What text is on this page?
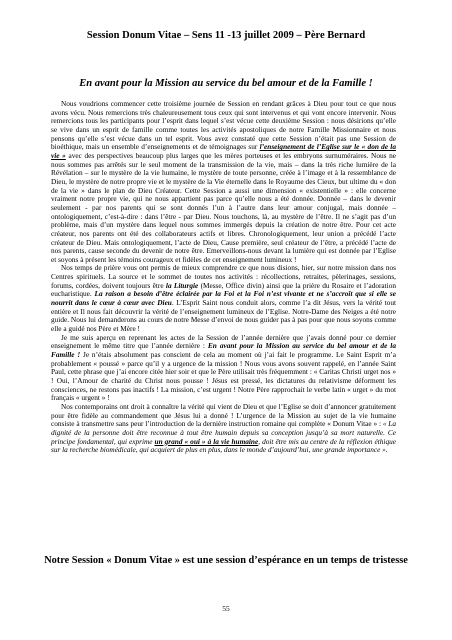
Session Donum Vitae – Sens 11 -13 juillet 2009 – Père Bernard
En avant pour la Mission au service du bel amour et de la Famille !

Nous voudrions commencer cette troisième journée de Session en rendant grâces à Dieu pour tout ce que nous avons vécu. Nous remercions très chaleureusement tous ceux qui sont intervenus et qui vont encore intervenir. Nous remercions tous les participants pour l’esprit dans lequel s’est vécue cette deuxième Session : nous désirions qu’elle se vive dans un esprit de famille comme toutes les activités apostoliques de notre Famille Missionnaire et nous pensons qu’elle s’est vécue dans un tel esprit. Vous avez constaté que cette Session n’était pas une Session de bioéthique, mais un ensemble d’enseignements et de témoignages sur l’enseignement de l’Eglise sur le « don de la vie » avec des perspectives beaucoup plus larges que les mères porteuses et les embryons surnuméraires. Nous ne nous sommes pas arrêtés sur le seul moment de la transmission de la vie, mais – dans la très riche lumière de la Révélation – sur le mystère de la vie humaine, le mystère de toute personne, créée à l’image et à la ressemblance de Dieu, le mystère de notre propre vie et le mystère de la Vie éternelle dans le Royaume des Cieux, but ultime du « don de la vie » dans le plan de Dieu Créateur. Cette Session a aussi une dimension « existentielle » : elle concerne vraiment notre propre vie, qui ne nous appartient pas parce qu’elle nous a été donnée. Donnée – dans le devenir seulement - par nos parents qui se sont donnés l’un à l’autre dans leur amour conjugal, mais donnée – ontologiquement, c’est-à-dire : dans l’être - par Dieu. Nous touchons, là, au mystère de l’être. Il ne s’agit pas d’un problème, mais d’un mystère dans lequel nous sommes immergés depuis la création de notre être. Pour cet acte créateur, nos parents ont été des collaborateurs actifs et libres. Chronologiquement, leur union a précédé l’acte créateur de Dieu. Mais ontologiquement, l’acte de Dieu, Cause première, seul créateur de l’être, a précédé l’acte de nos parents, cause seconde du devenir de notre être. Emerveillons-nous devant la lumière qui est donnée par l’Eglise et soyons à présent les témoins courageux et fidèles de cet enseignement lumineux !

Nos temps de prière vous ont permis de mieux comprendre ce que nous disions, hier, sur notre mission dans nos Centres spirituels. La source et le sommet de toutes nos activités : récollections, retraites, pèlerinages, sessions, forums, cordées, doivent toujours être la Liturgie (Messe, Office divin) ainsi que la prière du Rosaire et l’adoration eucharistique. La raison a besoin d’être éclairée par la Foi et la Foi n’est vivante et ne s’accroît que si elle se nourrit dans le cœur à cœur avec Dieu. L’Esprit Saint nous conduit alors, comme l’a dit Jésus, vers la vérité tout entière et Il nous fait découvrir la vérité de l’enseignement lumineux de l’Eglise. Notre-Dame des Neiges a été notre guide. Nous lui demanderons au cours de notre Messe d’envoi de nous guider pas à pas pour que nous soyons comme elle a guidé nos Père et Mère !

Je me suis aperçu en reprenant les actes de la Session de l’année dernière que j’avais donné pour ce dernier enseignement le même titre que l’année dernière : En avant pour la Mission au service du bel amour et de la Famille ! Je n’étais absolument pas conscient de cela au moment où j’ai fait le programme. Le Saint Esprit m’a probablement « poussé » parce qu’il y a urgence de la mission ! Nous vous avons souvent rappelé, en l’année Saint Paul, cette phrase que j’ai encore citée hier soir et que le Père utilisait très fréquemment : « Caritas Christi urget nos » ! Oui, l’Amour de charité du Christ nous pousse ! Jésus est pressé, les dictatures du relativisme déforment les consciences, ne restons pas inactifs ! La mission, c’est urgent ! Notre Père rapprochait le verbe latin « urget » du mot français « urgent » !

Nos contemporains ont droit à connaître la vérité qui vient de Dieu et que l’Eglise se doit d’annoncer gratuitement pour être fidèle au commandement que Jésus lui a donné ! L’urgence de la Mission au sujet de la vie humaine consiste à transmettre sans peur l’introduction de la dernière instruction romaine qui complète « Donum Vitae » : « La dignité de la personne doit être reconnue à tout être humain depuis sa conception jusqu’à sa mort naturelle. Ce principe fondamental, qui exprime un grand « oui » à la vie humaine, doit être mis au centre de la réflexion éthique sur la recherche biomédicale, qui acquiert de plus en plus, dans le monde d’aujourd’hui, une grande importance ».

Notre Session « Donum Vitae » est une session d’espérance en un temps de tristesse
55
